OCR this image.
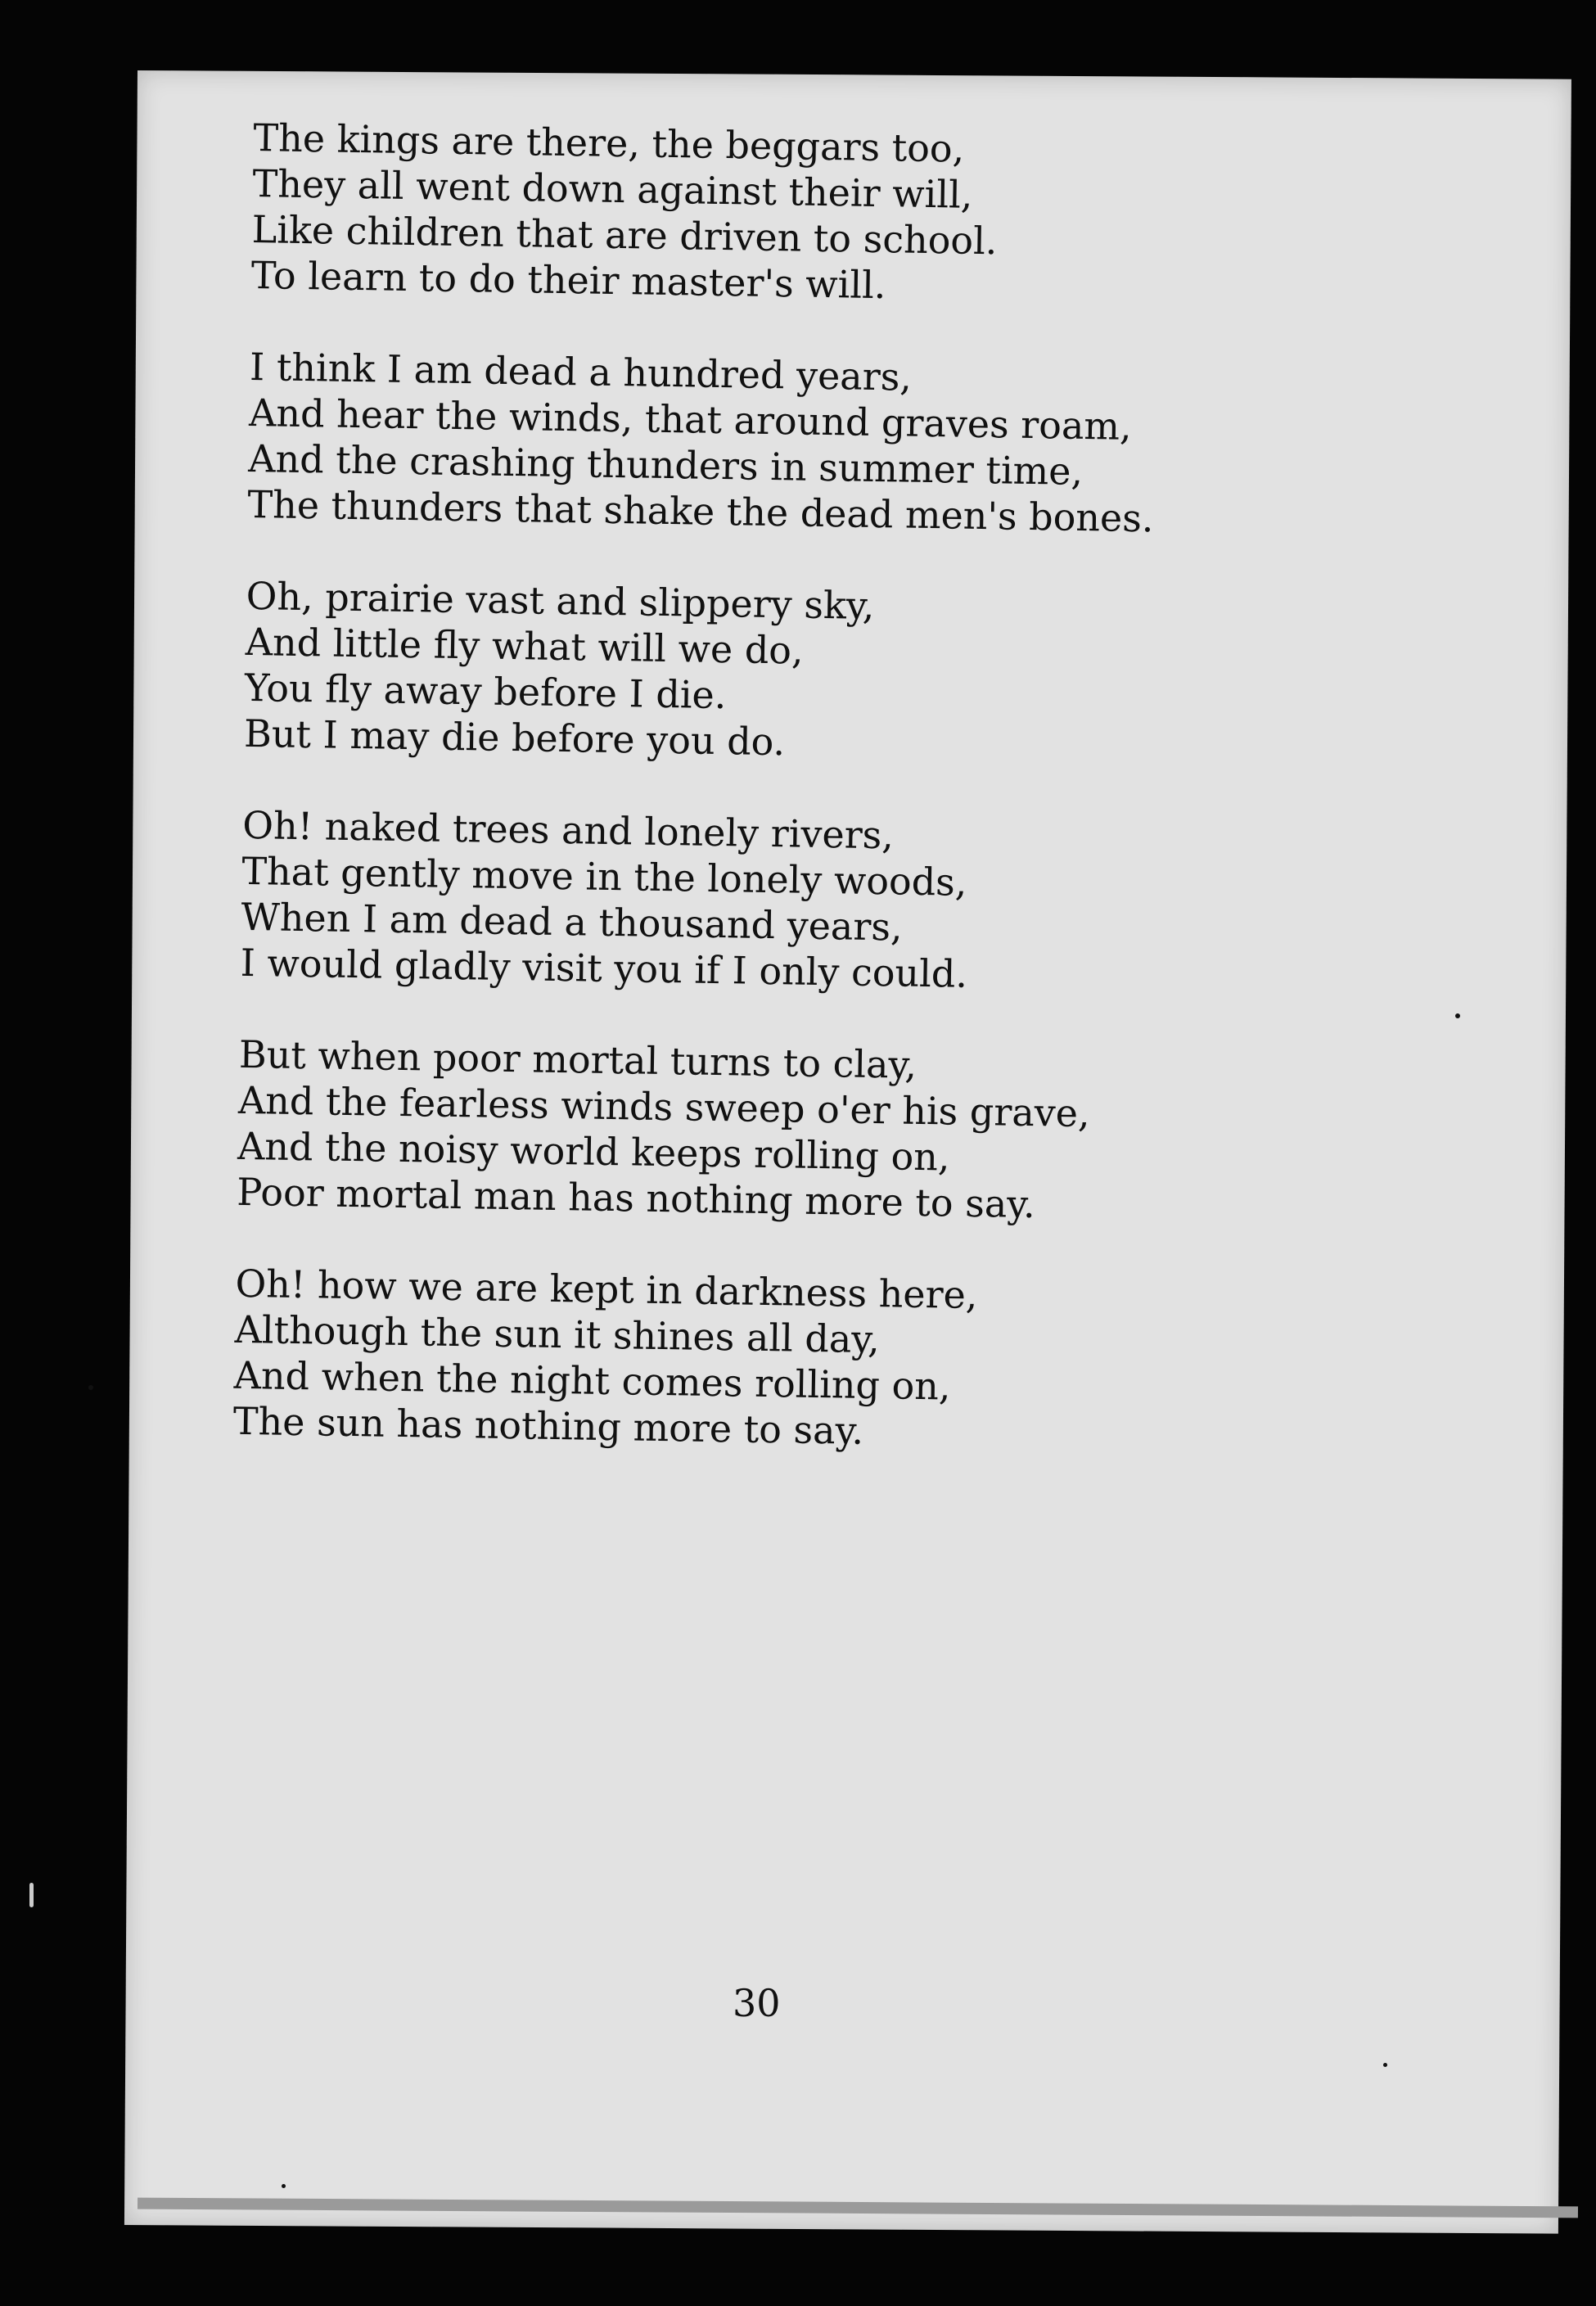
The kings are there, the beggars too,
They all went down against their will,
Like children that are driven to school.
To learn to do their master's will.
I think I am dead a hundred years,
And hear the winds, that around graves roam,
And the crashing thunders in summer time,
The thunders that shake the dead men's bones.
Oh, prairie vast and slippery sky,
And little fly what will we do,
You fly away before I die.
But I may die before you do.
Oh! naked trees and lonely rivers,
That gently move in the lonely woods,
When I am dead a thousand years,
I would gladly visit you if I only could.
But when poor mortal turns to clay,
And the fearless winds sweep o'er his grave,
And the noisy world keeps rolling on,
Poor mortal man has nothing more to say.
Oh! how we are kept in darkness here,
Although the sun it shines all day,
And when the night comes rolling on,
The sun has nothing more to say.
30
